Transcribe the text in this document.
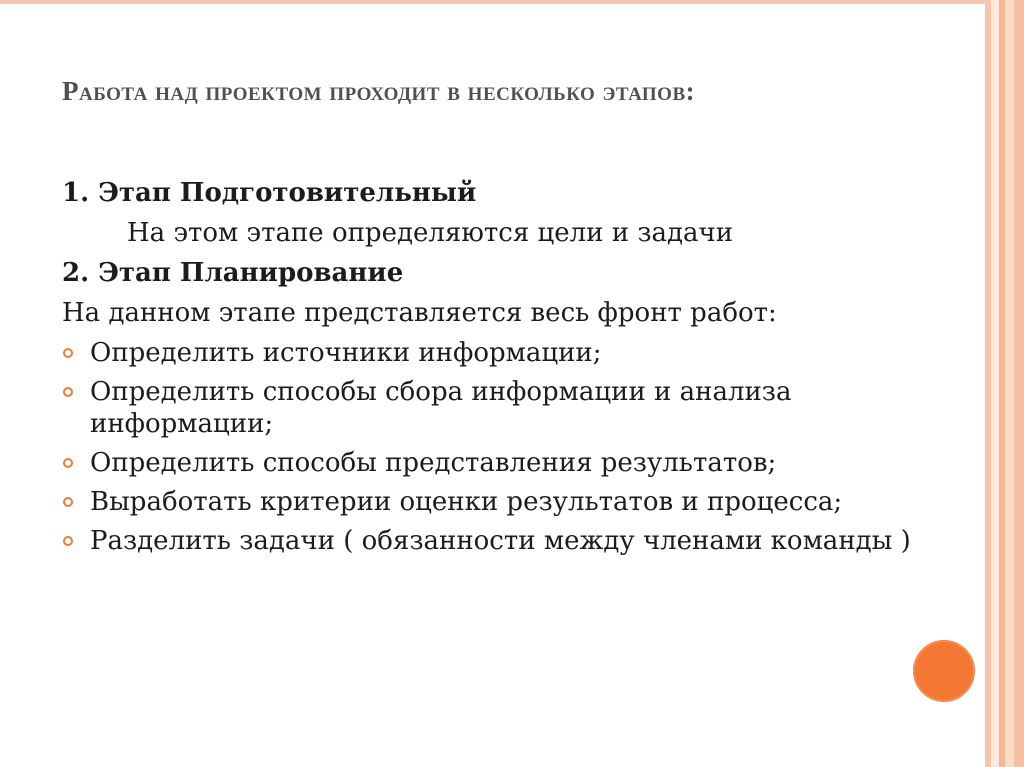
Работа над проектом проходит в несколько этапов:
1. Этап Подготовительный
На этом этапе определяются цели и задачи
2. Этап Планирование
На данном этапе представляется весь фронт работ:
Определить источники информации;
Определить способы сбора информации и анализа информации;
Определить способы представления результатов;
Выработать критерии оценки результатов и процесса;
Разделить задачи ( обязанности между членами команды )
